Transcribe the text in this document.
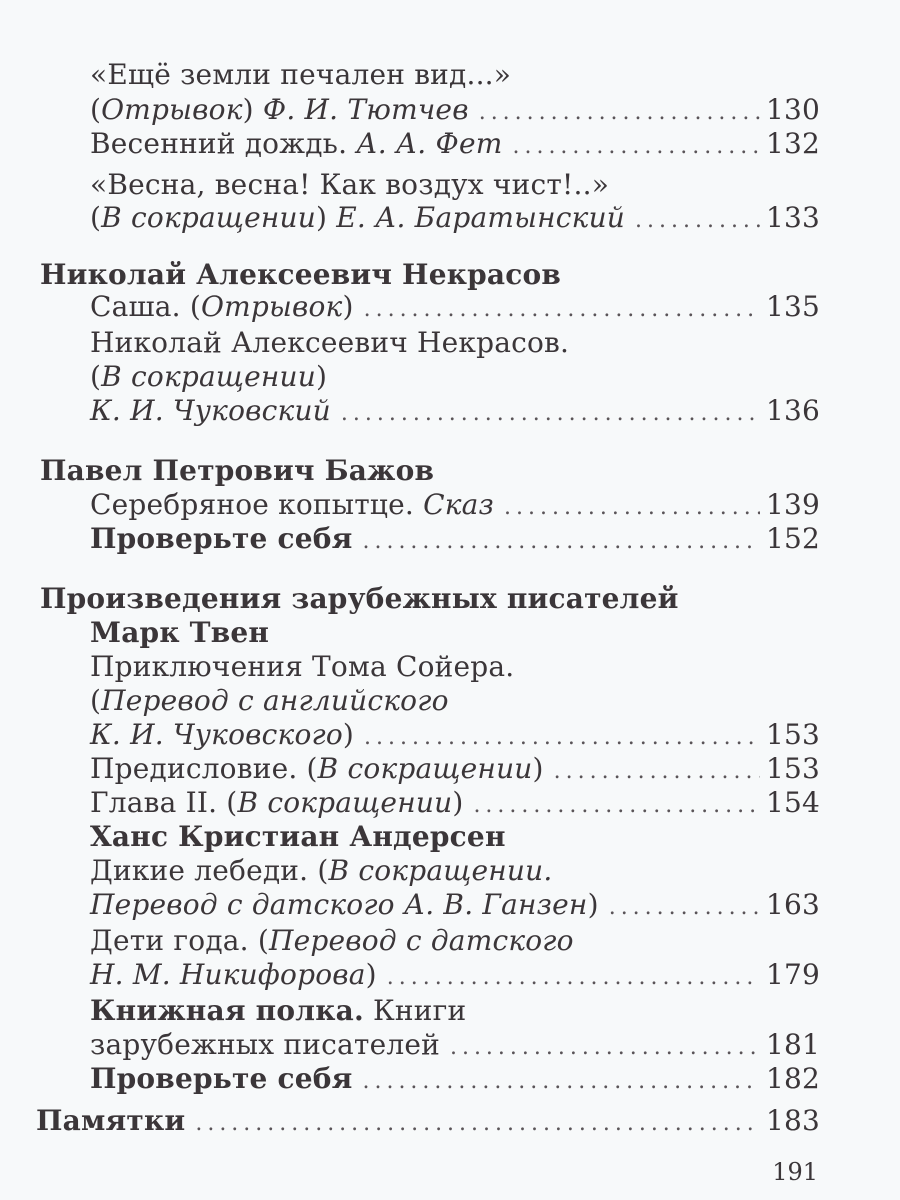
«Ещё земли печален вид...»
(Отрывок) Ф. И. Тютчев . . .	130
Весенний дождь. А. А. Фет . . .	132
«Весна, весна! Как воздух чист!..»
(В сокращении) Е. А. Баратынский . . .	133
Николай Алексеевич Некрасов
Саша. (Отрывок) . . .	135
Николай Алексеевич Некрасов.
(В сокращении)
К. И. Чуковский . . .	136
Павел Петрович Бажов
Серебряное копытце. Сказ . . .	139
Проверьте себя . . .	152
Произведения зарубежных писателей
Марк Твен
Приключения Тома Сойера.
(Перевод с английского
К. И. Чуковского) . . .	153
Предисловие. (В сокращении) . . .	153
Глава II. (В сокращении) . . .	154
Ханс Кристиан Андерсен
Дикие лебеди. (В сокращении.
Перевод с датского А. В. Ганзен) . . .	163
Дети года. (Перевод с датского
Н. М. Никифорова) . . .	179
Книжная полка. Книги
зарубежных писателей . . .	181
Проверьте себя . . .	182
Памятки . . .	183
191
